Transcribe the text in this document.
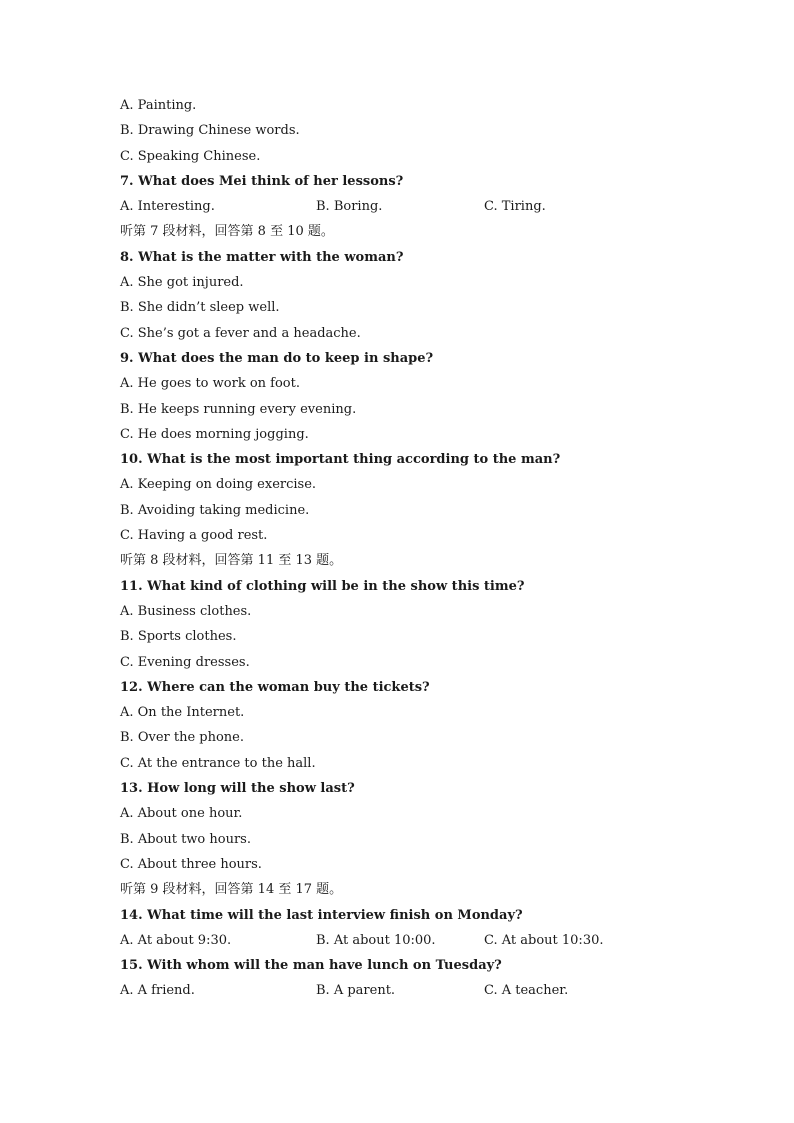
A. Painting.
B. Drawing Chinese words.
C. Speaking Chinese.
7. What does Mei think of her lessons?
A. Interesting.	B. Boring.	C. Tiring.
听第 7 段材料，回答第 8 至 10 题。
8. What is the matter with the woman?
A. She got injured.
B. She didn’t sleep well.
C. She’s got a fever and a headache.
9. What does the man do to keep in shape?
A. He goes to work on foot.
B. He keeps running every evening.
C. He does morning jogging.
10. What is the most important thing according to the man?
A. Keeping on doing exercise.
B. Avoiding taking medicine.
C. Having a good rest.
听第 8 段材料，回答第 11 至 13 题。
11. What kind of clothing will be in the show this time?
A. Business clothes.
B. Sports clothes.
C. Evening dresses.
12. Where can the woman buy the tickets?
A. On the Internet.
B. Over the phone.
C. At the entrance to the hall.
13. How long will the show last?
A. About one hour.
B. About two hours.
C. About three hours.
听第 9 段材料，回答第 14 至 17 题。
14. What time will the last interview finish on Monday?
A. At about 9:30.	B. At about 10:00.	C. At about 10:30.
15. With whom will the man have lunch on Tuesday?
A. A friend.	B. A parent.	C. A teacher.
